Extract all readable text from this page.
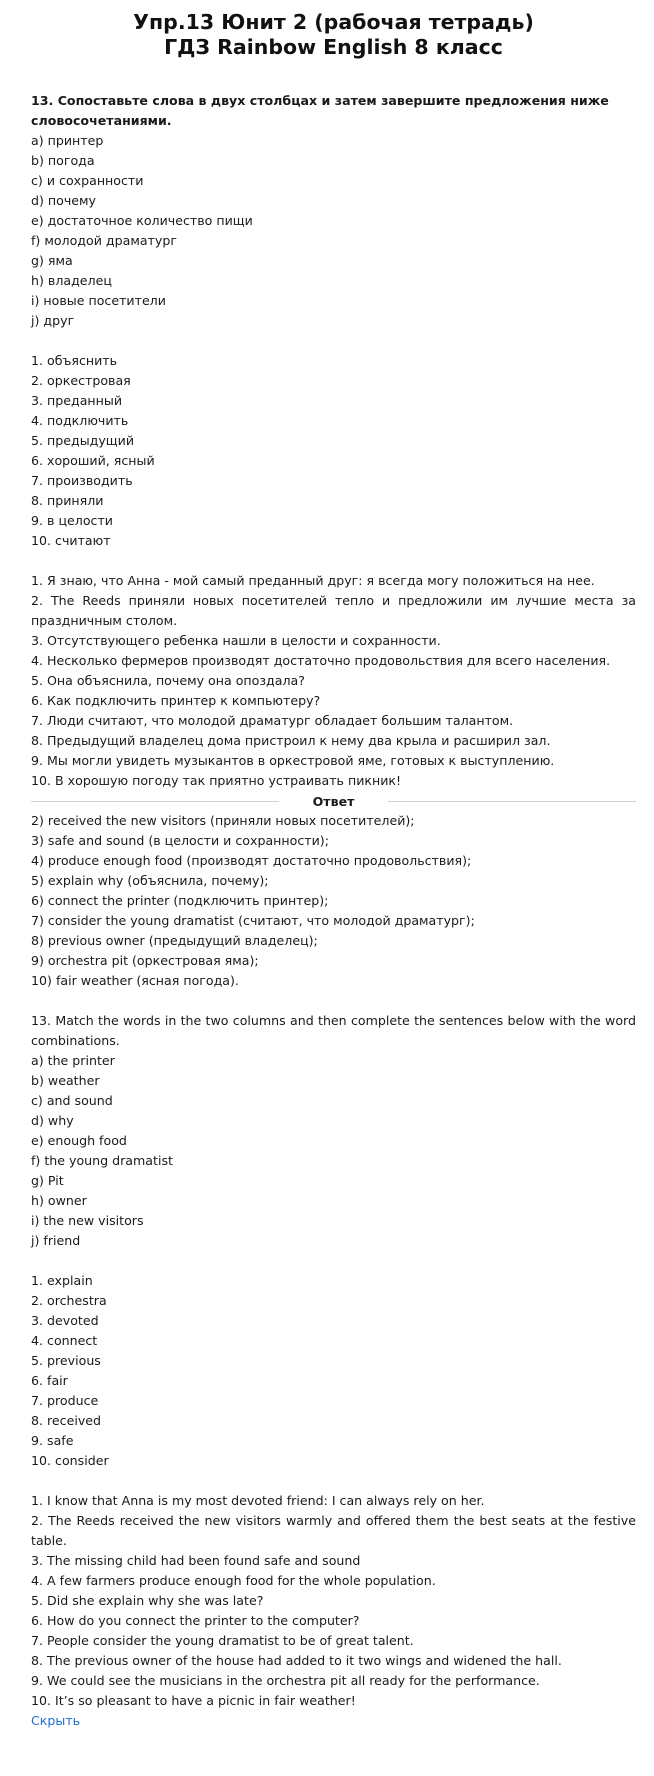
Упр.13 Юнит 2 (рабочая тетрадь)
ГДЗ Rainbow English 8 класс
13. Сопоставьте слова в двух столбцах и затем завершите предложения ниже словосочетаниями.
a) принтер
b) погода
c) и сохранности
d) почему
e) достаточное количество пищи
f) молодой драматург
g) яма
h) владелец
i) новые посетители
j) друг
1. объяснить
2. оркестровая
3. преданный
4. подключить
5. предыдущий
6. хороший, ясный
7. производить
8. приняли
9. в целости
10. считают
1. Я знаю, что Анна - мой самый преданный друг: я всегда могу положиться на нее.
2. The Reeds приняли новых посетителей тепло и предложили им лучшие места за праздничным столом.
3. Отсутствующего ребенка нашли в целости и сохранности.
4. Несколько фермеров производят достаточно продовольствия для всего населения.
5. Она объяснила, почему она опоздала?
6. Как подключить принтер к компьютеру?
7. Люди считают, что молодой драматург обладает большим талантом.
8. Предыдущий владелец дома пристроил к нему два крыла и расширил зал.
9. Мы могли увидеть музыкантов в оркестровой яме, готовых к выступлению.
10. В хорошую погоду так приятно устраивать пикник!
Ответ
2) received the new visitors (приняли новых посетителей);
3) safe and sound (в целости и сохранности);
4) produce enough food (производят достаточно продовольствия);
5) explain why (объяснила, почему);
6) connect the printer (подключить принтер);
7) consider the young dramatist (считают, что молодой драматург);
8) previous owner (предыдущий владелец);
9) orchestra pit (оркестровая яма);
10) fair weather (ясная погода).
13. Match the words in the two columns and then complete the sentences below with the word combinations.
a) the printer
b) weather
c) and sound
d) why
e) enough food
f) the young dramatist
g) Pit
h) owner
i) the new visitors
j) friend
1. explain
2. orchestra
3. devoted
4. connect
5. previous
6. fair
7. produce
8. received
9. safe
10. consider
1. I know that Anna is my most devoted friend: I can always rely on her.
2. The Reeds received the new visitors warmly and offered them the best seats at the festive table.
3. The missing child had been found safe and sound
4. A few farmers produce enough food for the whole population.
5. Did she explain why she was late?
6. How do you connect the printer to the computer?
7. People consider the young dramatist to be of great talent.
8. The previous owner of the house had added to it two wings and widened the hall.
9. We could see the musicians in the orchestra pit all ready for the performance.
10. It’s so pleasant to have a picnic in fair weather!
Скрыть
